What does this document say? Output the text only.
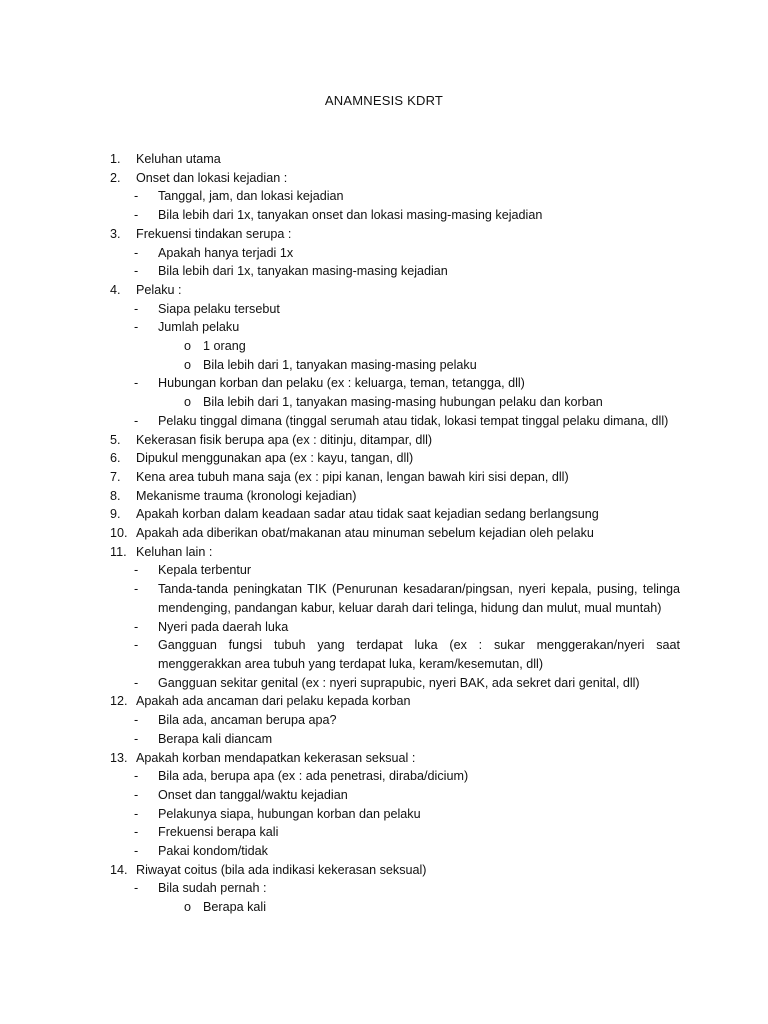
ANAMNESIS KDRT
1.	Keluhan utama
2.	Onset dan lokasi kejadian :
- Tanggal, jam, dan lokasi kejadian
- Bila lebih dari 1x, tanyakan onset dan lokasi masing-masing kejadian
3.	Frekuensi tindakan serupa :
- Apakah hanya terjadi 1x
- Bila lebih dari 1x, tanyakan masing-masing kejadian
4.	Pelaku :
- Siapa pelaku tersebut
- Jumlah pelaku
o 1 orang
o Bila lebih dari 1, tanyakan masing-masing pelaku
- Hubungan korban dan pelaku (ex : keluarga, teman, tetangga, dll)
o Bila lebih dari 1, tanyakan masing-masing hubungan pelaku dan korban
- Pelaku tinggal dimana (tinggal serumah atau tidak, lokasi tempat tinggal pelaku dimana, dll)
5.	Kekerasan fisik berupa apa (ex : ditinju, ditampar, dll)
6.	Dipukul menggunakan apa (ex : kayu, tangan, dll)
7.	Kena area tubuh mana saja (ex : pipi kanan, lengan bawah kiri sisi depan, dll)
8.	Mekanisme trauma (kronologi kejadian)
9.	Apakah korban dalam keadaan sadar atau tidak saat kejadian sedang berlangsung
10. Apakah ada diberikan obat/makanan atau minuman sebelum kejadian oleh pelaku
11. Keluhan lain :
- Kepala terbentur
- Tanda-tanda peningkatan TIK (Penurunan kesadaran/pingsan, nyeri kepala, pusing, telinga mendenging, pandangan kabur, keluar darah dari telinga, hidung dan mulut, mual muntah)
- Nyeri pada daerah luka
- Gangguan fungsi tubuh yang terdapat luka (ex : sukar menggerakan/nyeri saat menggerakkan area tubuh yang terdapat luka, keram/kesemutan, dll)
- Gangguan sekitar genital (ex : nyeri suprapubic, nyeri BAK, ada sekret dari genital, dll)
12. Apakah ada ancaman dari pelaku kepada korban
- Bila ada, ancaman berupa apa?
- Berapa kali diancam
13. Apakah korban mendapatkan kekerasan seksual :
- Bila ada, berupa apa (ex : ada penetrasi, diraba/dicium)
- Onset dan tanggal/waktu kejadian
- Pelakunya siapa, hubungan korban dan pelaku
- Frekuensi berapa kali
- Pakai kondom/tidak
14. Riwayat coitus (bila ada indikasi kekerasan seksual)
- Bila sudah pernah :
o Berapa kali
